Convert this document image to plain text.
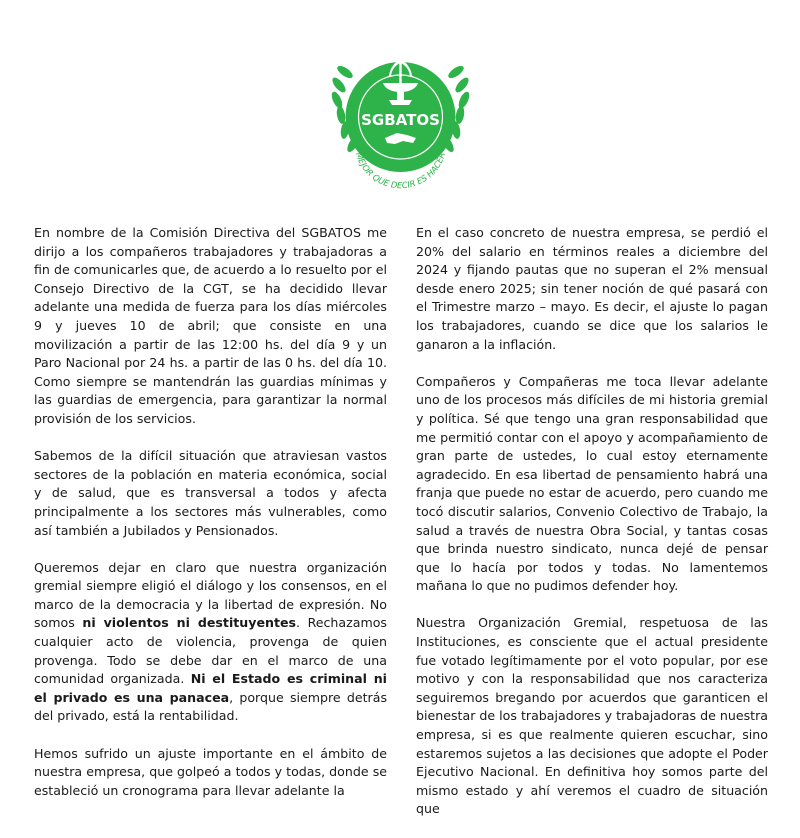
SGBATOS
MEJOR QUE DECIR ES HACER

En nombre de la Comisión Directiva del SGBATOS me dirijo a los compañeros trabajadores y trabajadoras a fin de comunicarles que, de acuerdo a lo resuelto por el Consejo Directivo de la CGT, se ha decidido llevar adelante una medida de fuerza para los días miércoles 9 y jueves 10 de abril; que consiste en una movilización a partir de las 12:00 hs. del día 9 y un Paro Nacional por 24 hs. a partir de las 0 hs. del día 10. Como siempre se mantendrán las guardias mínimas y las guardias de emergencia, para garantizar la normal provisión de los servicios.

Sabemos de la difícil situación que atraviesan vastos sectores de la población en materia económica, social y de salud, que es transversal a todos y afecta principalmente a los sectores más vulnerables, como así también a Jubilados y Pensionados.

Queremos dejar en claro que nuestra organización gremial siempre eligió el diálogo y los consensos, en el marco de la democracia y la libertad de expresión. No somos ni violentos ni destituyentes. Rechazamos cualquier acto de violencia, provenga de quien provenga. Todo se debe dar en el marco de una comunidad organizada. Ni el Estado es criminal ni el privado es una panacea, porque siempre detrás del privado, está la rentabilidad.

Hemos sufrido un ajuste importante en el ámbito de nuestra empresa, que golpeó a todos y todas, donde se estableció un cronograma para llevar adelante la

En el caso concreto de nuestra empresa, se perdió el 20% del salario en términos reales a diciembre del 2024 y fijando pautas que no superan el 2% mensual desde enero 2025; sin tener noción de qué pasará con el Trimestre marzo – mayo. Es decir, el ajuste lo pagan los trabajadores, cuando se dice que los salarios le ganaron a la inflación.

Compañeros y Compañeras me toca llevar adelante uno de los procesos más difíciles de mi historia gremial y política. Sé que tengo una gran responsabilidad que me permitió contar con el apoyo y acompañamiento de gran parte de ustedes, lo cual estoy eternamente agradecido. En esa libertad de pensamiento habrá una franja que puede no estar de acuerdo, pero cuando me tocó discutir salarios, Convenio Colectivo de Trabajo, la salud a través de nuestra Obra Social, y tantas cosas que brinda nuestro sindicato, nunca dejé de pensar que lo hacía por todos y todas. No lamentemos mañana lo que no pudimos defender hoy.

Nuestra Organización Gremial, respetuosa de las Instituciones, es consciente que el actual presidente fue votado legítimamente por el voto popular, por ese motivo y con la responsabilidad que nos caracteriza seguiremos bregando por acuerdos que garanticen el bienestar de los trabajadores y trabajadoras de nuestra empresa, si es que realmente quieren escuchar, sino estaremos sujetos a las decisiones que adopte el Poder Ejecutivo Nacional. En definitiva hoy somos parte del mismo estado y ahí veremos el cuadro de situación que
